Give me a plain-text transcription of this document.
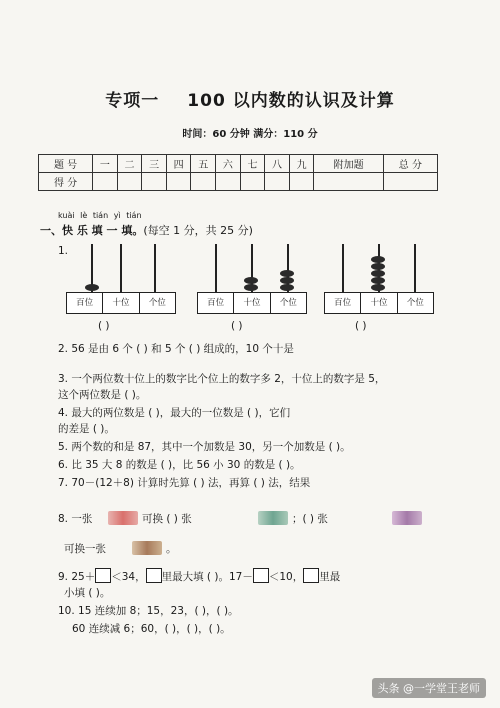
专项一 100 以内数的认识及计算
时间：60 分钟 满分：110 分
题 号	一	二	三	四	五	六	七	八	九	附加题	总 分
得 分											
kuài lè tián yì tián
一、快 乐 填 一 填。(每空 1 分，共 25 分)
1.
百位	十位	个位	百位	十位	个位	百位	十位	个位
( )	( )	( )
2. 56 是由 6 个 ( ) 和 5 个 ( ) 组成的，10 个十是
3. 一个两位数十位上的数字比个位上的数字多 2，十位上的数字是 5，
这个两位数是 ( )。
4. 最大的两位数是 ( )，最大的一位数是 ( )，它们
的差是 ( )。
5. 两个数的和是 87，其中一个加数是 30，另一个加数是 ( )。
6. 比 35 大 8 的数是 ( )，比 56 小 30 的数是 ( )。
7. 70－(12＋8) 计算时先算 ( ) 法，再算 ( ) 法，结果
8. 一张	可换 ( ) 张	；( ) 张
可换一张	。
9. 25＋ ＜34， 里最大填 ( )。17－ ＜10， 里最
小填 ( )。
10. 15 连续加 8；15，23，( )，( )。
60 连续减 6；60，( )，( )，( )。
头条 @一学堂王老师
